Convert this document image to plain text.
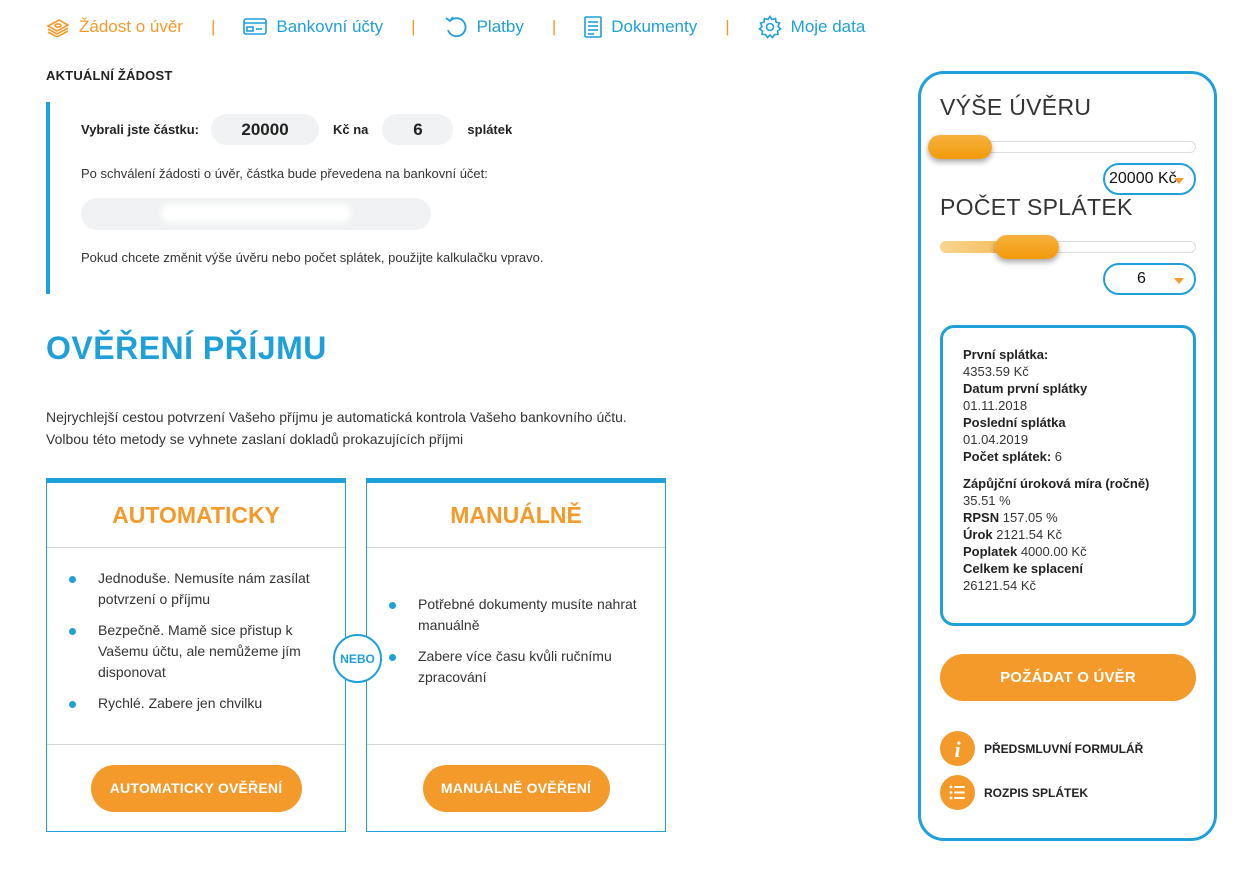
Žádost o úvěr |	Bankovní účty |	Platby |	Dokumenty |	Moje data
AKTUÁLNÍ ŽÁDOST
Vybrali jste částku:	20000	Kč na	6	splátek
Po schválení žádosti o úvěr, částka bude převedena na bankovní účet:
Pokud chcete změnit výše úvěru nebo počet splátek, použijte kalkulačku vpravo.
OVĚŘENÍ PŘÍJMU
Nejrychlejší cestou potvrzení Vašeho příjmu je automatická kontrola Vašeho bankovního účtu.
Volbou této metody se vyhnete zaslaní dokladů prokazujících příjmi
AUTOMATICKY
Jednoduše. Nemusíte nám zasílat potvrzení o příjmu
Bezpečně. Mamě sice přistup k Vašemu účtu, ale nemůžeme jím disponovat
Rychlé. Zabere jen chvilku
AUTOMATICKY OVĚŘENÍ
MANUÁLNĚ
Potřebné dokumenty musíte nahrat manuálně
Zabere více času kvůli ručnímu zpracování
MANUÁLNĚ OVĚŘENÍ
NEBO
VÝŠE ÚVĚRU
20000 Kč
POČET SPLÁTEK
6
První splátka:
4353.59 Kč
Datum první splátky
01.11.2018
Poslední splátka
01.04.2019
Počet splátek: 6
Zápůjční úroková míra (ročně)
35.51 %
RPSN 157.05 %
Úrok 2121.54 Kč
Poplatek 4000.00 Kč
Celkem ke splacení
26121.54 Kč
POŽÁDAT O ÚVĚR
i PŘEDSMLUVNÍ FORMULÁŘ
ROZPIS SPLÁTEK
